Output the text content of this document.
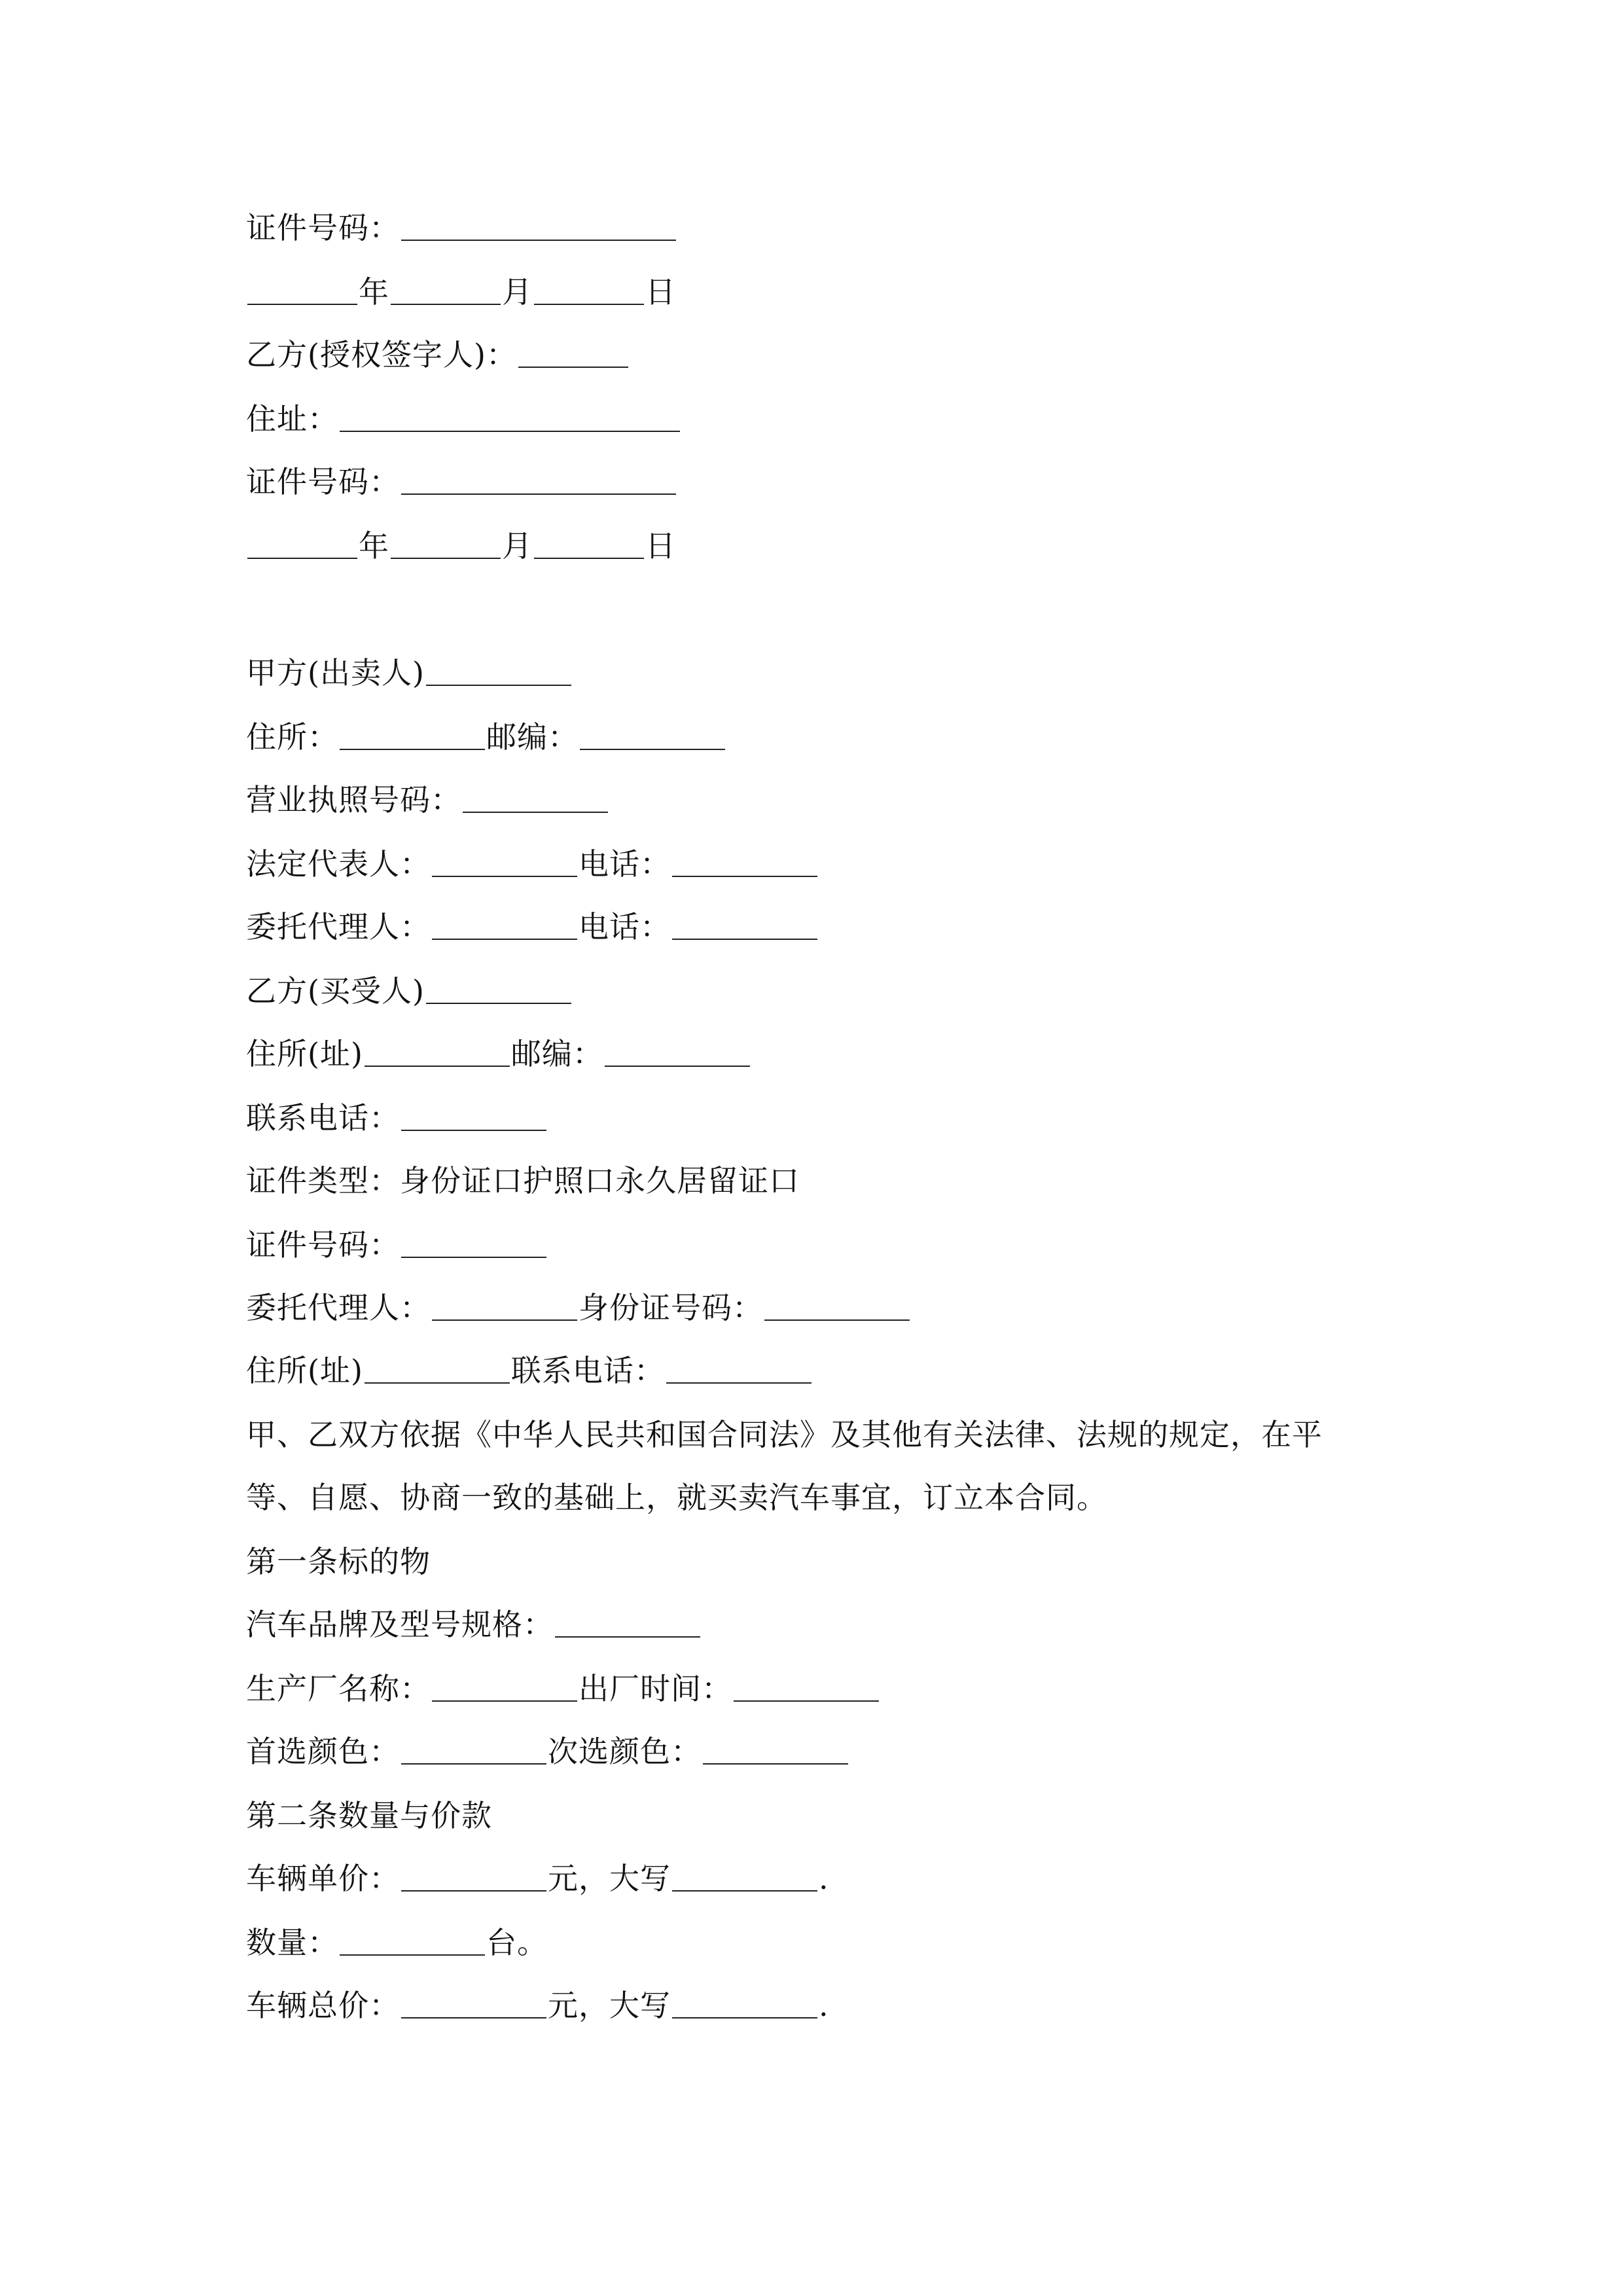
证件号码：
年	月	日
乙方(授权签字人)：
住址：
证件号码：
年	月	日
甲方(出卖人)
住所：	邮编：
营业执照号码：
法定代表人：	电话：
委托代理人：	电话：
乙方(买受人)
住所(址)	邮编：
联系电话：
证件类型：身份证口护照口永久居留证口
证件号码：
委托代理人：	身份证号码：
住所(址)	联系电话：
甲、乙双方依据《中华人民共和国合同法》及其他有关法律、法规的规定，在平
等、自愿、协商一致的基础上，就买卖汽车事宜，订立本合同。
第一条标的物
汽车品牌及型号规格：
生产厂名称：	出厂时间：
首选颜色：	次选颜色：
第二条数量与价款
车辆单价：	元，大写	.
数量：	台。
车辆总价：	元，大写	.
